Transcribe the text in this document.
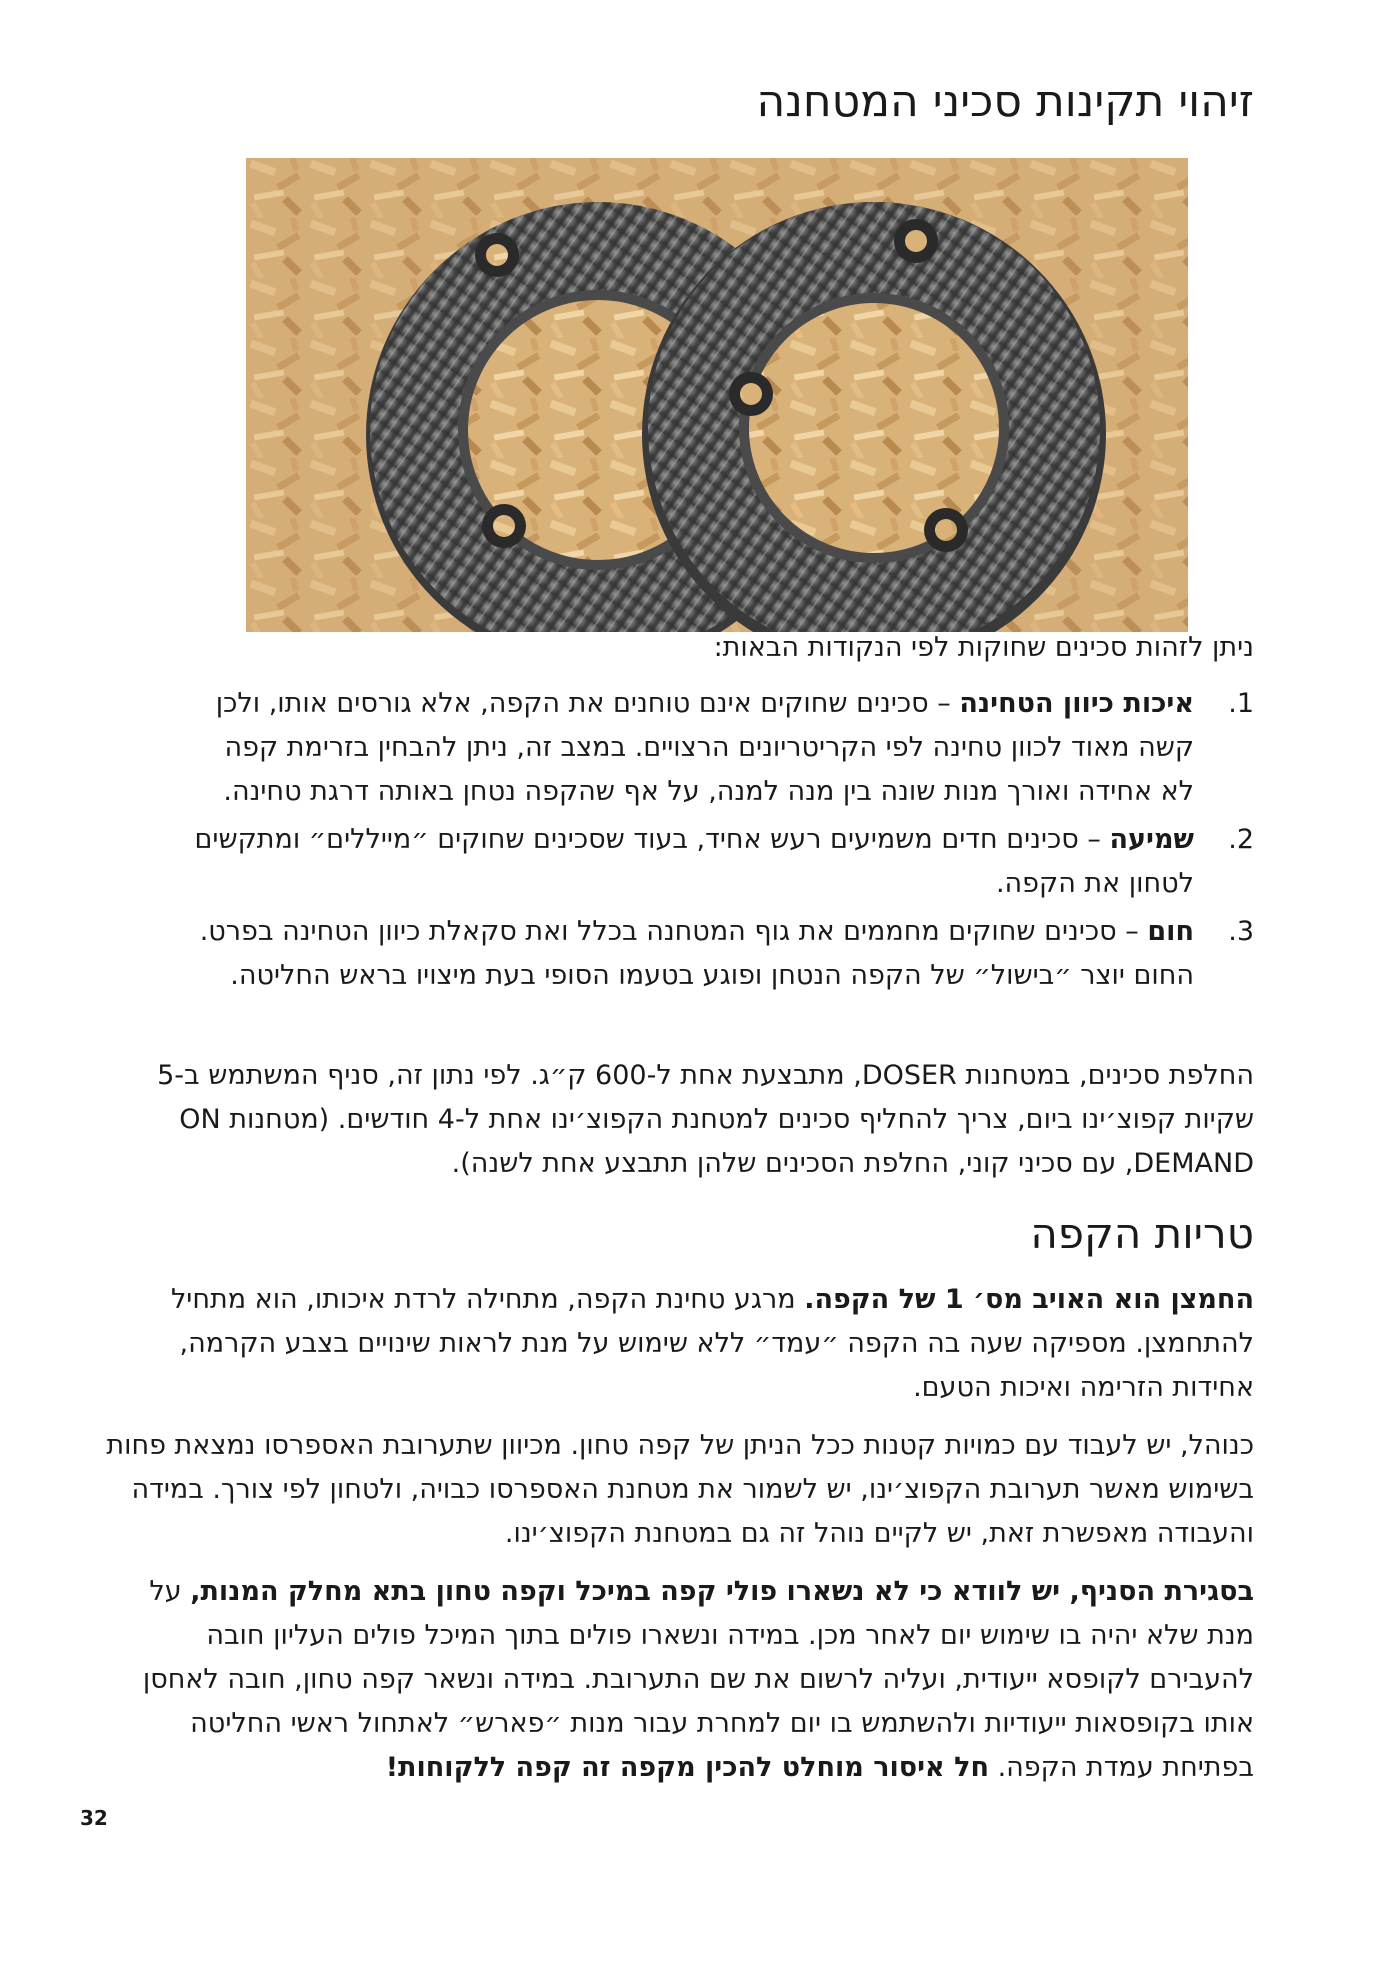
זיהוי תקינות סכיני המטחנה

ניתן לזהות סכינים שחוקות לפי הנקודות הבאות:

1.
איכות כיוון הטחינה – סכינים שחוקים אינם טוחנים את הקפה, אלא גורסים אותו, ולכן קשה מאוד לכוון טחינה לפי הקריטריונים הרצויים. במצב זה, ניתן להבחין בזרימת קפה לא אחידה ואורך מנות שונה בין מנה למנה, על אף שהקפה נטחן באותה דרגת טחינה.
2.
שמיעה – סכינים חדים משמיעים רעש אחיד, בעוד שסכינים שחוקים ״מייללים״ ומתקשים לטחון את הקפה.
3.
חום – סכינים שחוקים מחממים את גוף המטחנה בכלל ואת סקאלת כיוון הטחינה בפרט. החום יוצר ״בישול״ של הקפה הנטחן ופוגע בטעמו הסופי בעת מיצויו בראש החליטה.

החלפת סכינים, במטחנות DOSER, מתבצעת אחת ל-600 ק״ג. לפי נתון זה, סניף המשתמש ב-5 שקיות קפוצ׳ינו ביום, צריך להחליף סכינים למטחנת הקפוצ׳ינו אחת ל-4 חודשים. (מטחנות ON DEMAND, עם סכיני קוני, החלפת הסכינים שלהן תתבצע אחת לשנה).

טריות הקפה

החמצן הוא האויב מס׳ 1 של הקפה. מרגע טחינת הקפה, מתחילה לרדת איכותו, הוא מתחיל להתחמצן. מספיקה שעה בה הקפה ״עמד״ ללא שימוש על מנת לראות שינויים בצבע הקרמה, אחידות הזרימה ואיכות הטעם.

כנוהל, יש לעבוד עם כמויות קטנות ככל הניתן של קפה טחון. מכיוון שתערובת האספרסו נמצאת פחות בשימוש מאשר תערובת הקפוצ׳ינו, יש לשמור את מטחנת האספרסו כבויה, ולטחון לפי צורך. במידה והעבודה מאפשרת זאת, יש לקיים נוהל זה גם במטחנת הקפוצ׳ינו.

בסגירת הסניף, יש לוודא כי לא נשארו פולי קפה במיכל וקפה טחון בתא מחלק המנות, על מנת שלא יהיה בו שימוש יום לאחר מכן. במידה ונשארו פולים בתוך המיכל פולים העליון חובה להעבירם לקופסא ייעודית, ועליה לרשום את שם התערובת. במידה ונשאר קפה טחון, חובה לאחסן אותו בקופסאות ייעודיות ולהשתמש בו יום למחרת עבור מנות ״פארש״ לאתחול ראשי החליטה בפתיחת עמדת הקפה. חל איסור מוחלט להכין מקפה זה קפה ללקוחות!

32
